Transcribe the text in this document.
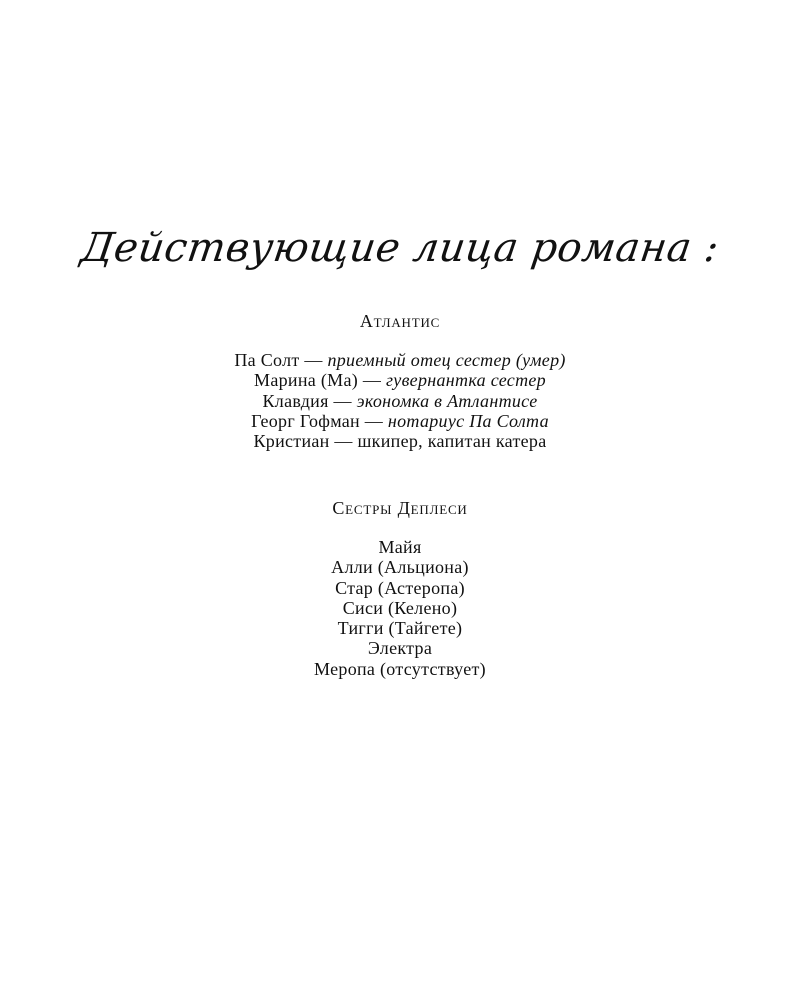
Действующие лица романа :
Атлантис
Па Солт — приемный отец сестер (умер)
Марина (Ма) — гувернантка сестер
Клавдия — экономка в Атлантисе
Георг Гофман — нотариус Па Солта
Кристиан — шкипер, капитан катера
Сестры Деплеси
Майя
Алли (Альциона)
Стар (Астеропа)
Сиси (Келено)
Тигги (Тайгете)
Электра
Меропа (отсутствует)
